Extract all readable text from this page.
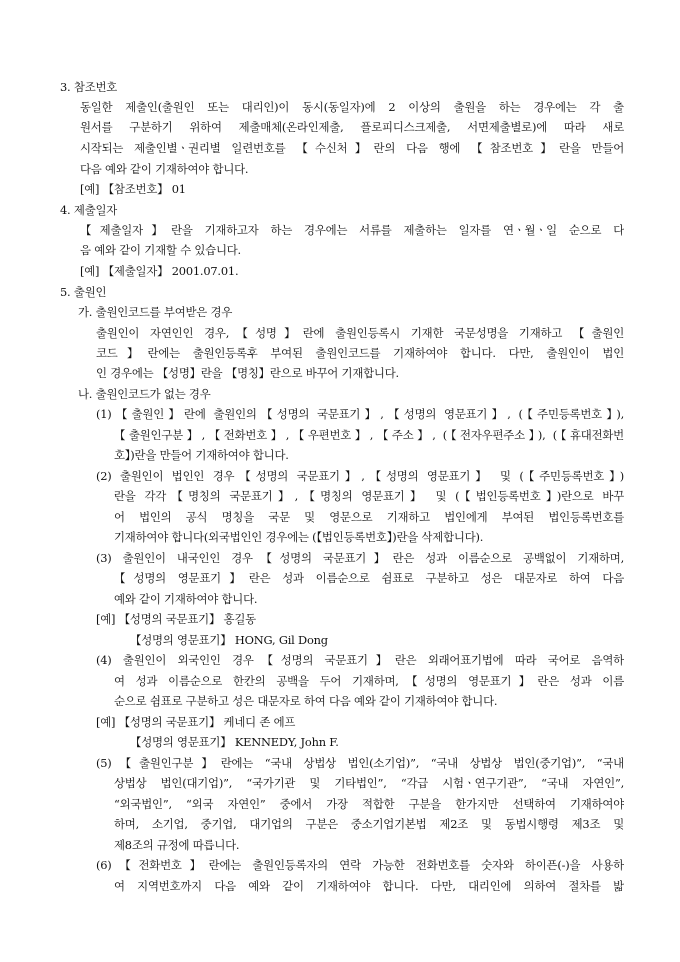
3. 참조번호
동일한 제출인(출원인 또는 대리인)이 동시(동일자)에 2 이상의 출원을 하는 경우에는 각 출
원서를 구분하기 위하여 제출매체(온라인제출, 플로피디스크제출, 서면제출별로)에 따라 새로
시작되는 제출인별ㆍ권리별 일련번호를 【수신처】란의 다음 행에 【참조번호】란을 만들어
다음 예와 같이 기재하여야 합니다.
[예] 【참조번호】 01
4. 제출일자
【제출일자】란을 기재하고자 하는 경우에는 서류를 제출하는 일자를 연ㆍ월ㆍ일 순으로 다
음 예와 같이 기재할 수 있습니다.
[예] 【제출일자】 2001.07.01.
5. 출원인
가. 출원인코드를 부여받은 경우
출원인이 자연인인 경우,【성명】란에 출원인등록시 기재한 국문성명을 기재하고 【출원인
코드】란에는 출원인등록후 부여된 출원인코드를 기재하여야 합니다. 다만, 출원인이 법인
인 경우에는 【성명】란을 【명칭】란으로 바꾸어 기재합니다.
나. 출원인코드가 없는 경우
(1)【출원인】란에 출원인의【성명의 국문표기】,【성명의 영문표기】, (【주민등록번호】),
【출원인구분】,【전화번호】,【우편번호】,【주소】, (【전자우편주소】), (【휴대전화번
호】)란을 만들어 기재하여야 합니다.
(2) 출원인이 법인인 경우【성명의 국문표기】,【성명의 영문표기】 및 (【주민등록번호】)
란을 각각【명칭의 국문표기】,【명칭의 영문표기】 및 (【법인등록번호】)란으로 바꾸
어 법인의 공식 명칭을 국문 및 영문으로 기재하고 법인에게 부여된 법인등록번호를
기재하여야 합니다(외국법인인 경우에는 (【법인등록번호】)란을 삭제합니다).
(3) 출원인이 내국인인 경우【성명의 국문표기】란은 성과 이름순으로 공백없이 기재하며,
【성명의 영문표기】란은 성과 이름순으로 쉼표로 구분하고 성은 대문자로 하여 다음
예와 같이 기재하여야 합니다.
[예] 【성명의 국문표기】 홍길동
【성명의 영문표기】 HONG, Gil Dong
(4) 출원인이 외국인인 경우【성명의 국문표기】란은 외래어표기법에 따라 국어로 음역하
여 성과 이름순으로 한칸의 공백을 두어 기재하며,【성명의 영문표기】란은 성과 이름
순으로 쉼표로 구분하고 성은 대문자로 하여 다음 예와 같이 기재하여야 합니다.
[예] 【성명의 국문표기】 케네디 존 에프
【성명의 영문표기】 KENNEDY, John F.
(5)【출원인구분】란에는 “국내 상법상 법인(소기업)”, “국내 상법상 법인(중기업)”, “국내
상법상 법인(대기업)”, “국가기관 및 기타법인”, “각급 시험ㆍ연구기관”, “국내 자연인”,
“외국법인”, “외국 자연인” 중에서 가장 적합한 구분을 한가지만 선택하여 기재하여야
하며, 소기업, 중기업, 대기업의 구분은 중소기업기본법 제2조 및 동법시행령 제3조 및
제8조의 규정에 따릅니다.
(6)【전화번호】란에는 출원인등록자의 연락 가능한 전화번호를 숫자와 하이픈(-)을 사용하
여 지역번호까지 다음 예와 같이 기재하여야 합니다. 다만, 대리인에 의하여 절차를 밟
